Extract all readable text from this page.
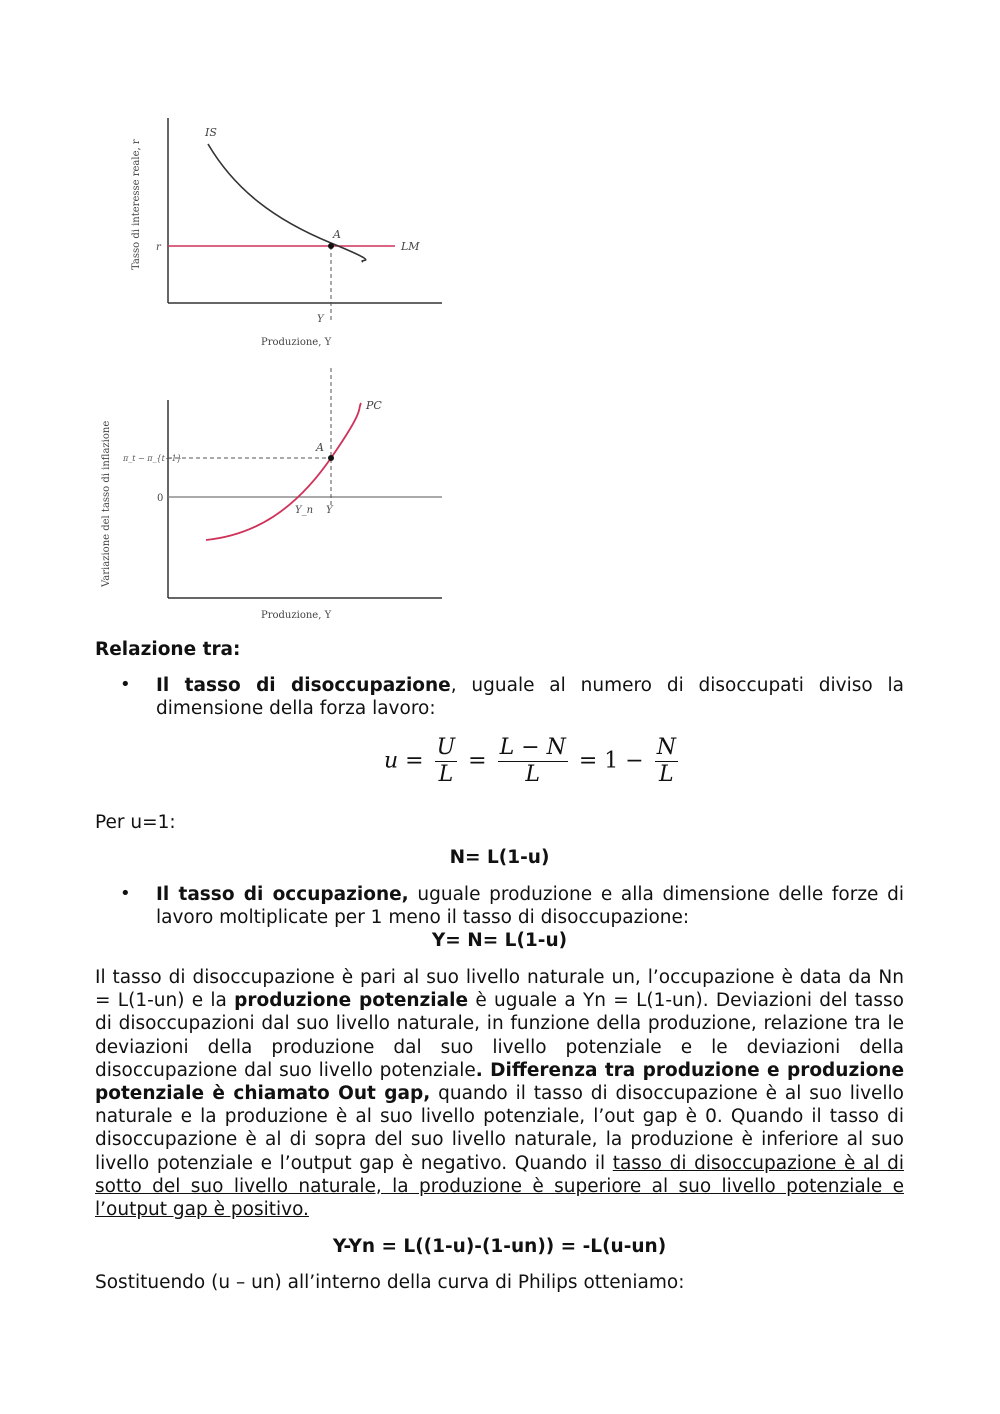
IS
LM
A
r
Y
Produzione, Y
Tasso di interesse reale, r
PC
A
π_t − π_{t−1}
0
Y_n Y
Produzione, Y
Variazione del tasso di inflazione
Relazione tra:
• Il tasso di disoccupazione, uguale al numero di disoccupati diviso la dimensione della forza lavoro:
$u = \frac{U}{L} = \frac{L - N}{L} = 1 - \frac{N}{L}$
Per u=1:
N= L(1-u)
• Il tasso di occupazione, uguale produzione e alla dimensione delle forze di lavoro moltiplicate per 1 meno il tasso di disoccupazione:
Y= N= L(1-u)
Il tasso di disoccupazione è pari al suo livello naturale un, l’occupazione è data da Nn = L(1-un) e la produzione potenziale è uguale a Yn = L(1-un). Deviazioni del tasso di disoccupazioni dal suo livello naturale, in funzione della produzione, relazione tra le deviazioni della produzione dal suo livello potenziale e le deviazioni della disoccupazione dal suo livello potenziale. Differenza tra produzione e produzione potenziale è chiamato Out gap, quando il tasso di disoccupazione è al suo livello naturale e la produzione è al suo livello potenziale, l’out gap è 0. Quando il tasso di disoccupazione è al di sopra del suo livello naturale, la produzione è inferiore al suo livello potenziale e l’output gap è negativo. Quando il tasso di disoccupazione è al di sotto del suo livello naturale, la produzione è superiore al suo livello potenziale e l’output gap è positivo.
Y-Yn = L((1-u)-(1-un)) = -L(u-un)
Sostituendo (u – un) all’interno della curva di Philips otteniamo:
